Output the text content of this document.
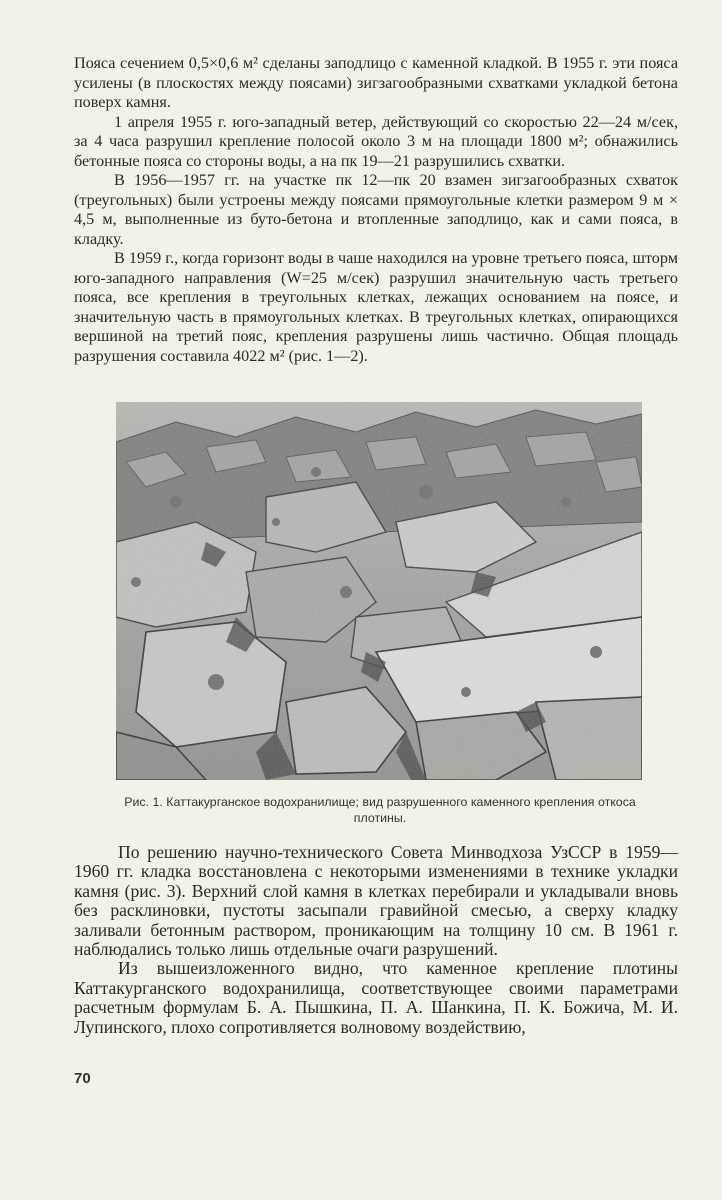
Пояса сечением 0,5×0,6 м² сделаны заподлицо с каменной кладкой. В 1955 г. эти пояса усилены (в плоскостях между поясами) зигзагообразными схватками укладкой бетона поверх камня.

1 апреля 1955 г. юго-западный ветер, действующий со скоростью 22—24 м/сек, за 4 часа разрушил крепление полосой около 3 м на площади 1800 м²; обнажились бетонные пояса со стороны воды, а на пк 19—21 разрушились схватки.

В 1956—1957 гг. на участке пк 12—пк 20 взамен зигзагообразных схваток (треугольных) были устроены между поясами прямоугольные клетки размером 9 м × 4,5 м, выполненные из буто-бетона и втопленные заподлицо, как и сами пояса, в кладку.

В 1959 г., когда горизонт воды в чаше находился на уровне третьего пояса, шторм юго-западного направления (W=25 м/сек) разрушил значительную часть третьего пояса, все крепления в треугольных клетках, лежащих основанием на поясе, и значительную часть в прямоугольных клетках. В треугольных клетках, опирающихся вершиной на третий пояс, крепления разрушены лишь частично. Общая площадь разрушения составила 4022 м² (рис. 1—2).

Рис. 1. Каттакурганское водохранилище; вид разрушенного каменного крепления откоса плотины.

По решению научно-технического Совета Минводхоза УзССР в 1959—1960 гг. кладка восстановлена с некоторыми изменениями в технике укладки камня (рис. 3). Верхний слой камня в клетках перебирали и укладывали вновь без расклиновки, пустоты засыпали гравийной смесью, а сверху кладку заливали бетонным раствором, проникающим на толщину 10 см. В 1961 г. наблюдались только лишь отдельные очаги разрушений.

Из вышеизложенного видно, что каменное крепление плотины Каттакурганского водохранилища, соответствующее своими параметрами расчетным формулам Б. А. Пышкина, П. А. Шанкина, П. К. Божича, М. И. Лупинского, плохо сопротивляется волновому воздействию,

70
